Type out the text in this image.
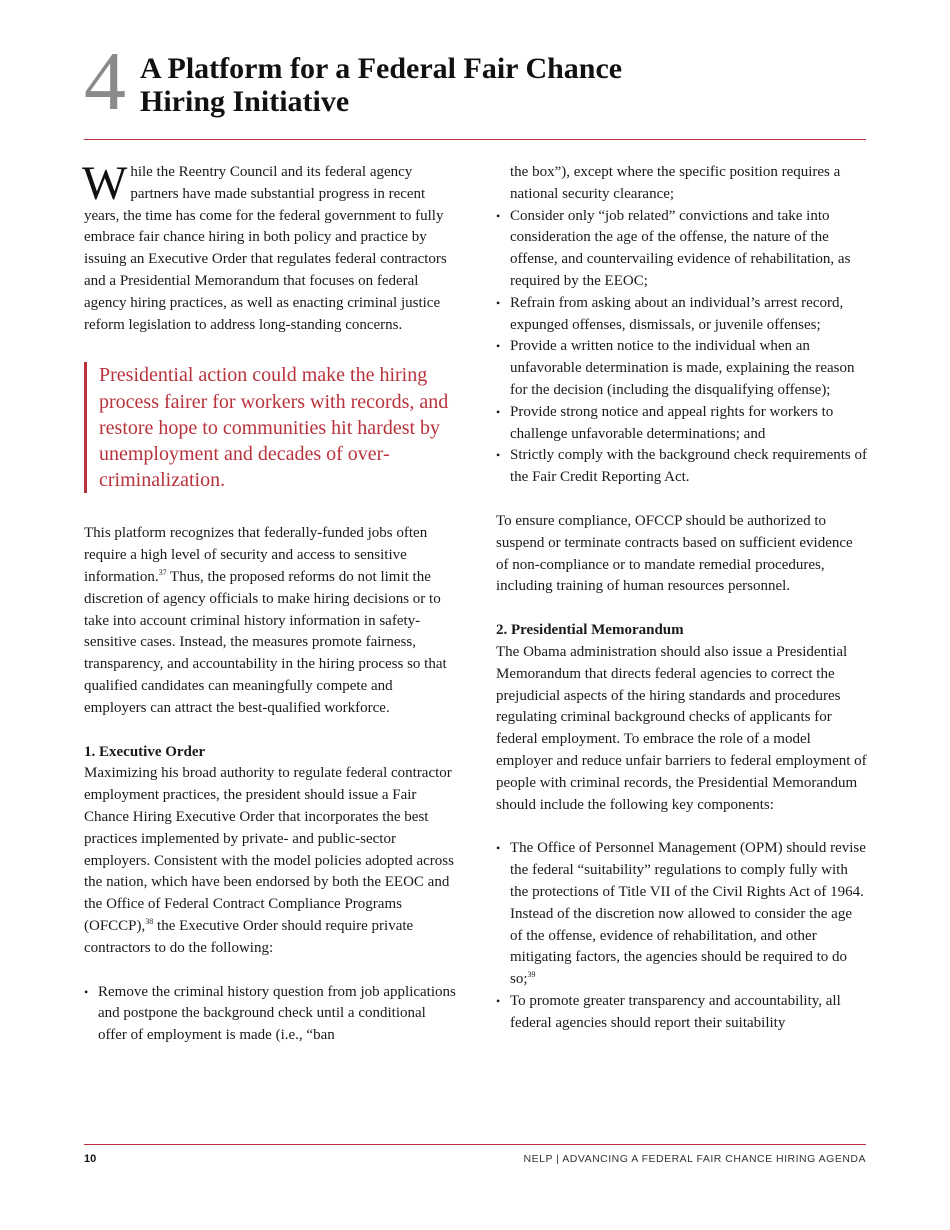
4 A Platform for a Federal Fair Chance
Hiring Initiative

While the Reentry Council and its federal agency partners have made substantial progress in recent years, the time has come for the federal government to fully embrace fair chance hiring in both policy and practice by issuing an Executive Order that regulates federal contractors and a Presidential Memorandum that focuses on federal agency hiring practices, as well as enacting criminal justice reform legislation to address long-standing concerns.

Presidential action could make the hiring process fairer for workers with records, and restore hope to communities hit hardest by unemployment and decades of over-criminalization.

This platform recognizes that federally-funded jobs often require a high level of security and access to sensitive information.$^{37}$ Thus, the proposed reforms do not limit the discretion of agency officials to make hiring decisions or to take into account criminal history information in safety-sensitive cases. Instead, the measures promote fairness, transparency, and accountability in the hiring process so that qualified candidates can meaningfully compete and employers can attract the best-qualified workforce.

1. Executive Order

Maximizing his broad authority to regulate federal contractor employment practices, the president should issue a Fair Chance Hiring Executive Order that incorporates the best practices implemented by private- and public-sector employers. Consistent with the model policies adopted across the nation, which have been endorsed by both the EEOC and the Office of Federal Contract Compliance Programs (OFCCP),$^{38}$ the Executive Order should require private contractors to do the following:

• Remove the criminal history question from job applications and postpone the background check until a conditional offer of employment is made (i.e., “ban

the box”), except where the specific position requires a national security clearance;

• Consider only “job related” convictions and take into consideration the age of the offense, the nature of the offense, and countervailing evidence of rehabilitation, as required by the EEOC;
• Refrain from asking about an individual’s arrest record, expunged offenses, dismissals, or juvenile offenses;
• Provide a written notice to the individual when an unfavorable determination is made, explaining the reason for the decision (including the disqualifying offense);
• Provide strong notice and appeal rights for workers to challenge unfavorable determinations; and
• Strictly comply with the background check requirements of the Fair Credit Reporting Act.

To ensure compliance, OFCCP should be authorized to suspend or terminate contracts based on sufficient evidence of non-compliance or to mandate remedial procedures, including training of human resources personnel.

2. Presidential Memorandum

The Obama administration should also issue a Presidential Memorandum that directs federal agencies to correct the prejudicial aspects of the hiring standards and procedures regulating criminal background checks of applicants for federal employment. To embrace the role of a model employer and reduce unfair barriers to federal employment of people with criminal records, the Presidential Memorandum should include the following key components:

• The Office of Personnel Management (OPM) should revise the federal “suitability” regulations to comply fully with the protections of Title VII of the Civil Rights Act of 1964. Instead of the discretion now allowed to consider the age of the offense, evidence of rehabilitation, and other mitigating factors, the agencies should be required to do so;$^{39}$
• To promote greater transparency and accountability, all federal agencies should report their suitability
10	NELP | ADVANCING A FEDERAL FAIR CHANCE HIRING AGENDA
